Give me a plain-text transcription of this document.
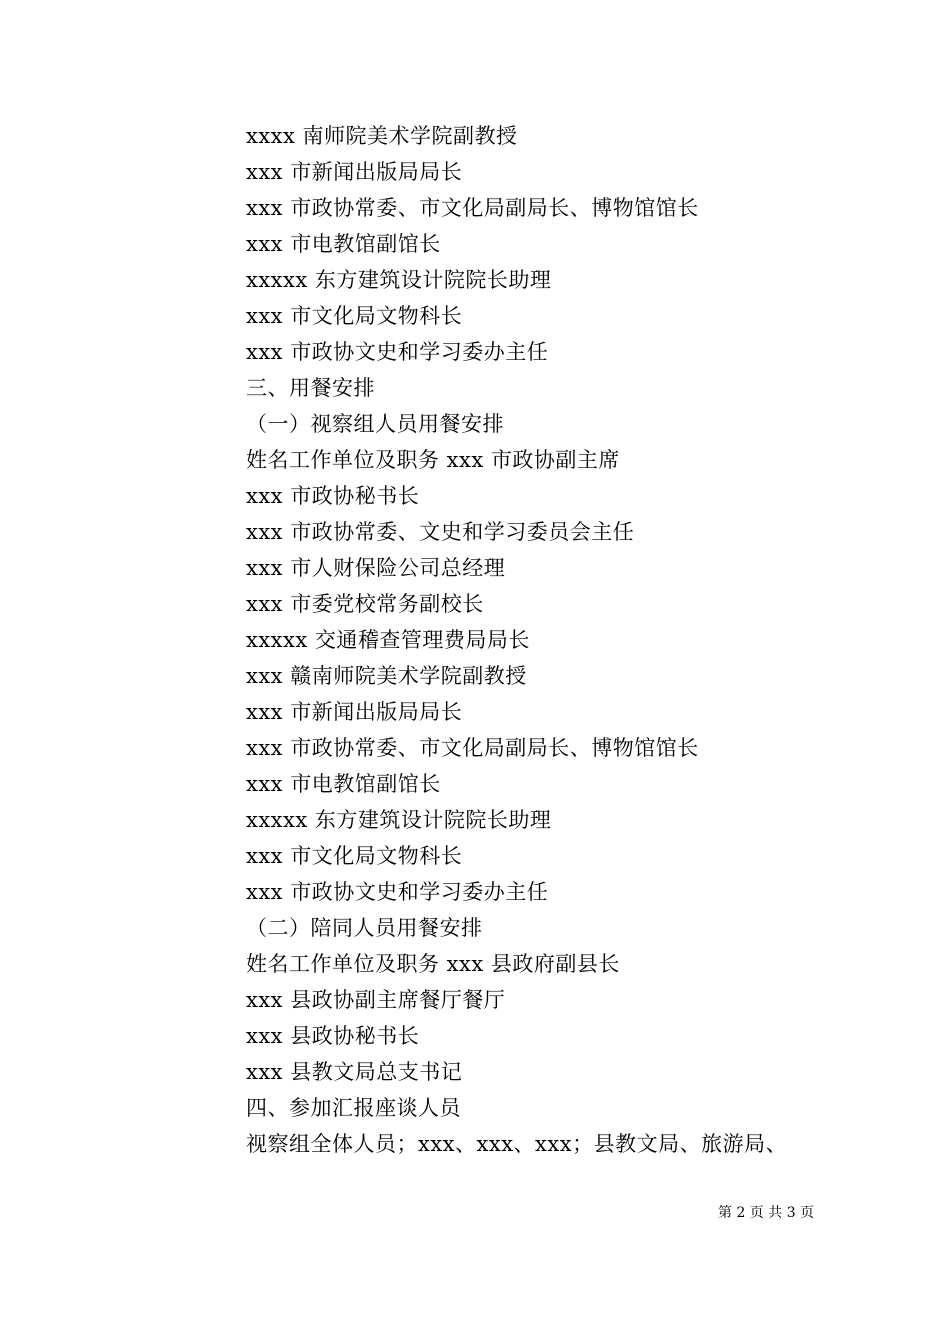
xxxx 南师院美术学院副教授
xxx 市新闻出版局局长
xxx 市政协常委、市文化局副局长、博物馆馆长
xxx 市电教馆副馆长
xxxxx 东方建筑设计院院长助理
xxx 市文化局文物科长
xxx 市政协文史和学习委办主任
三、用餐安排
（一）视察组人员用餐安排
姓名工作单位及职务 xxx 市政协副主席
xxx 市政协秘书长
xxx 市政协常委、文史和学习委员会主任
xxx 市人财保险公司总经理
xxx 市委党校常务副校长
xxxxx 交通稽查管理费局局长
xxx 赣南师院美术学院副教授
xxx 市新闻出版局局长
xxx 市政协常委、市文化局副局长、博物馆馆长
xxx 市电教馆副馆长
xxxxx 东方建筑设计院院长助理
xxx 市文化局文物科长
xxx 市政协文史和学习委办主任
（二）陪同人员用餐安排
姓名工作单位及职务 xxx 县政府副县长
xxx 县政协副主席餐厅餐厅
xxx 县政协秘书长
xxx 县教文局总支书记
四、参加汇报座谈人员
视察组全体人员；xxx、xxx、xxx；县教文局、旅游局、
第 2 页 共 3 页
